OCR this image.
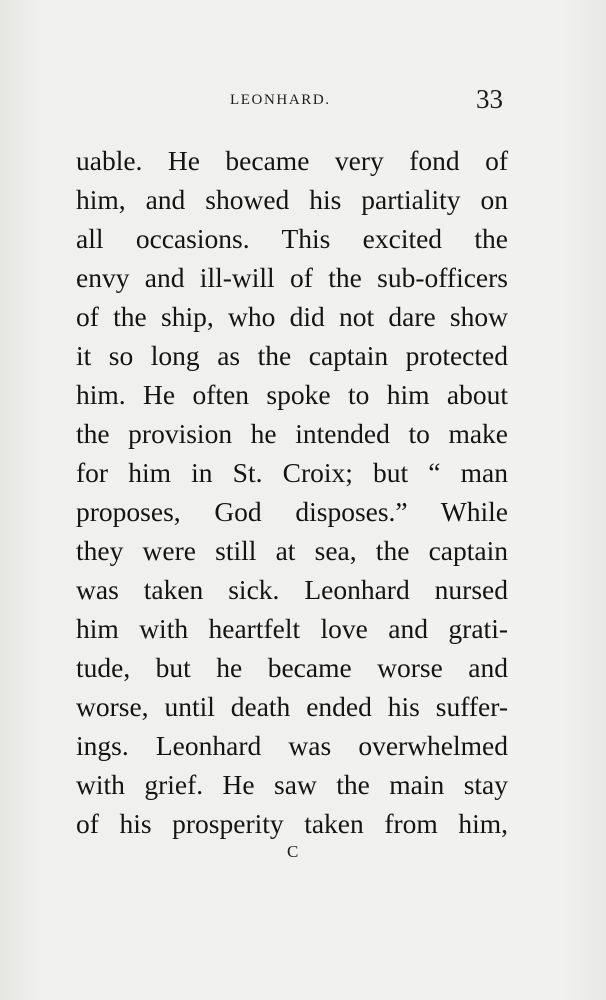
LEONHARD.	33
uable. He became very fond of
him, and showed his partiality on
all occasions. This excited the
envy and ill-will of the sub-officers
of the ship, who did not dare show
it so long as the captain protected
him. He often spoke to him about
the provision he intended to make
for him in St. Croix; but “ man
proposes, God disposes.” While
they were still at sea, the captain
was taken sick. Leonhard nursed
him with heartfelt love and grati-
tude, but he became worse and
worse, until death ended his suffer-
ings. Leonhard was overwhelmed
with grief. He saw the main stay
of his prosperity taken from him,
C
